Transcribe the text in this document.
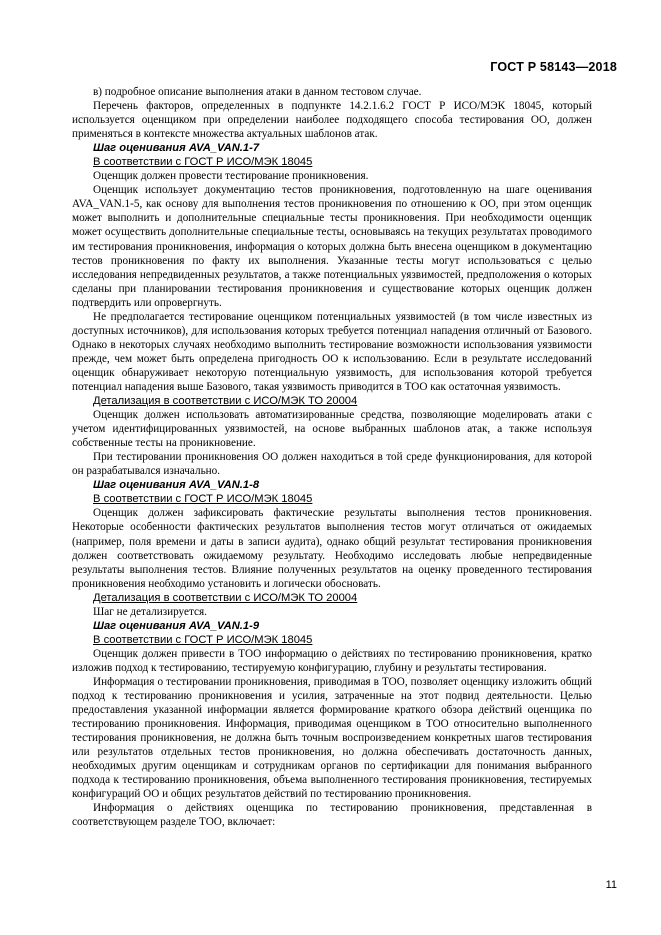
ГОСТ Р 58143—2018

в) подробное описание выполнения атаки в данном тестовом случае.

Перечень факторов, определенных в подпункте 14.2.1.6.2 ГОСТ Р ИСО/МЭК 18045, который используется оценщиком при определении наиболее подходящего способа тестирования ОО, должен применяться в контексте множества актуальных шаблонов атак.

Шаг оценивания AVA_VAN.1-7
В соответствии с ГОСТ Р ИСО/МЭК 18045

Оценщик должен провести тестирование проникновения.

Оценщик использует документацию тестов проникновения, подготовленную на шаге оценивания AVA_VAN.1-5, как основу для выполнения тестов проникновения по отношению к ОО, при этом оценщик может выполнить и дополнительные специальные тесты проникновения. При необходимости оценщик может осуществить дополнительные специальные тесты, основываясь на текущих результатах проводимого им тестирования проникновения, информация о которых должна быть внесена оценщиком в документацию тестов проникновения по факту их выполнения. Указанные тесты могут использоваться с целью исследования непредвиденных результатов, а также потенциальных уязвимостей, предположения о которых сделаны при планировании тестирования проникновения и существование которых оценщик должен подтвердить или опровергнуть.

Не предполагается тестирование оценщиком потенциальных уязвимостей (в том числе известных из доступных источников), для использования которых требуется потенциал нападения отличный от Базового. Однако в некоторых случаях необходимо выполнить тестирование возможности использования уязвимости прежде, чем может быть определена пригодность ОО к использованию. Если в результате исследований оценщик обнаруживает некоторую потенциальную уязвимость, для использования которой требуется потенциал нападения выше Базового, такая уязвимость приводится в ТОО как остаточная уязвимость.

Детализация в соответствии с ИСО/МЭК ТО 20004

Оценщик должен использовать автоматизированные средства, позволяющие моделировать атаки с учетом идентифицированных уязвимостей, на основе выбранных шаблонов атак, а также используя собственные тесты на проникновение.

При тестировании проникновения ОО должен находиться в той среде функционирования, для которой он разрабатывался изначально.

Шаг оценивания AVA_VAN.1-8
В соответствии с ГОСТ Р ИСО/МЭК 18045

Оценщик должен зафиксировать фактические результаты выполнения тестов проникновения. Некоторые особенности фактических результатов выполнения тестов могут отличаться от ожидаемых (например, поля времени и даты в записи аудита), однако общий результат тестирования проникновения должен соответствовать ожидаемому результату. Необходимо исследовать любые непредвиденные результаты выполнения тестов. Влияние полученных результатов на оценку проведенного тестирования проникновения необходимо установить и логически обосновать.

Детализация в соответствии с ИСО/МЭК ТО 20004

Шаг не детализируется.

Шаг оценивания AVA_VAN.1-9
В соответствии с ГОСТ Р ИСО/МЭК 18045

Оценщик должен привести в ТОО информацию о действиях по тестированию проникновения, кратко изложив подход к тестированию, тестируемую конфигурацию, глубину и результаты тестирования.

Информация о тестировании проникновения, приводимая в ТОО, позволяет оценщику изложить общий подход к тестированию проникновения и усилия, затраченные на этот подвид деятельности. Целью предоставления указанной информации является формирование краткого обзора действий оценщика по тестированию проникновения. Информация, приводимая оценщиком в ТОО относительно выполненного тестирования проникновения, не должна быть точным воспроизведением конкретных шагов тестирования или результатов отдельных тестов проникновения, но должна обеспечивать достаточность данных, необходимых другим оценщикам и сотрудникам органов по сертификации для понимания выбранного подхода к тестированию проникновения, объема выполненного тестирования проникновения, тестируемых конфигураций ОО и общих результатов действий по тестированию проникновения.

Информация о действиях оценщика по тестированию проникновения, представленная в соответствующем разделе ТОО, включает:

11
